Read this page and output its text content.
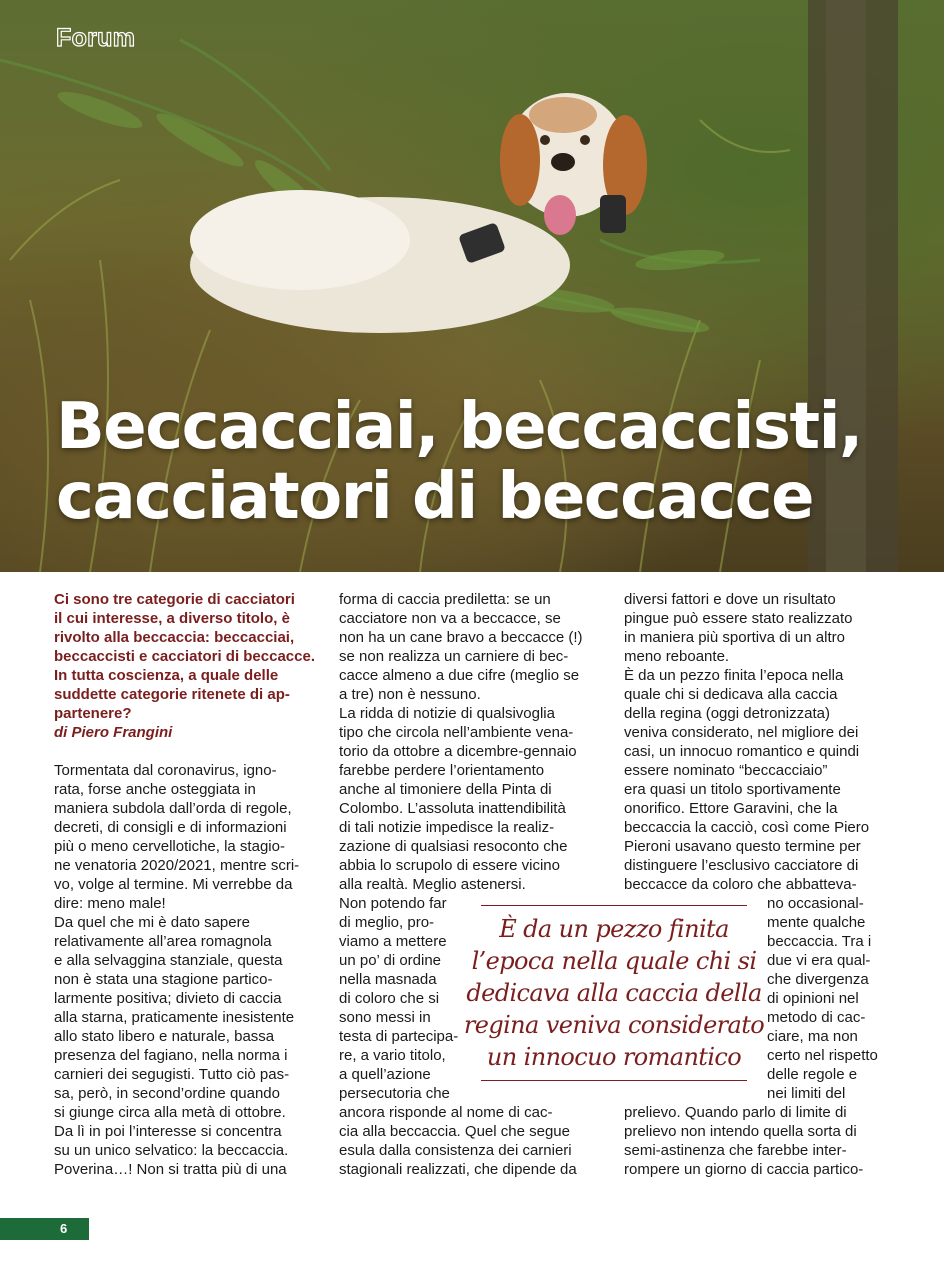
Forum
Beccacciai, beccaccisti,
cacciatori di beccacce

Ci sono tre categorie di cacciatori
il cui interesse, a diverso titolo, è
rivolto alla beccaccia: beccacciai,
beccaccisti e cacciatori di beccacce.
In tutta coscienza, a quale delle
suddette categorie ritenete di ap-
partenere?

di Piero Frangini

Tormentata dal coronavirus, igno-
rata, forse anche osteggiata in
maniera subdola dall’orda di regole,
decreti, di consigli e di informazioni
più o meno cervellotiche, la stagio-
ne venatoria 2020/2021, mentre scri-
vo, volge al termine. Mi verrebbe da
dire: meno male!
Da quel che mi è dato sapere
relativamente all’area romagnola
e alla selvaggina stanziale, questa
non è stata una stagione partico-
larmente positiva; divieto di caccia
alla starna, praticamente inesistente
allo stato libero e naturale, bassa
presenza del fagiano, nella norma i
carnieri dei segugisti. Tutto ciò pas-
sa, però, in second’ordine quando
si giunge circa alla metà di ottobre.
Da lì in poi l’interesse si concentra
su un unico selvatico: la beccaccia.
Poverina…! Non si tratta più di una

forma di caccia prediletta: se un
cacciatore non va a beccacce, se
non ha un cane bravo a beccacce (!)
se non realizza un carniere di bec-
cacce almeno a due cifre (meglio se
a tre) non è nessuno.
La ridda di notizie di qualsivoglia
tipo che circola nell’ambiente vena-
torio da ottobre a dicembre-gennaio
farebbe perdere l’orientamento
anche al timoniere della Pinta di
Colombo. L’assoluta inattendibilità
di tali notizie impedisce la realiz-
zazione di qualsiasi resoconto che
abbia lo scrupolo di essere vicino
alla realtà. Meglio astenersi.
Non potendo far
di meglio, pro-
viamo a mettere
un po’ di ordine
nella masnada
di coloro che si
sono messi in
testa di partecipa-
re, a vario titolo,
a quell’azione
persecutoria che
ancora risponde al nome di cac-
cia alla beccaccia. Quel che segue
esula dalla consistenza dei carnieri
stagionali realizzati, che dipende da

diversi fattori e dove un risultato
pingue può essere stato realizzato
in maniera più sportiva di un altro
meno reboante.
È da un pezzo finita l’epoca nella
quale chi si dedicava alla caccia
della regina (oggi detronizzata)
veniva considerato, nel migliore dei
casi, un innocuo romantico e quindi
essere nominato “beccacciaio”
era quasi un titolo sportivamente
onorifico. Ettore Garavini, che la
beccaccia la cacciò, così come Piero
Pieroni usavano questo termine per
distinguere l’esclusivo cacciatore di
beccacce da coloro che abbatteva-
no occasional-
mente qualche
beccaccia. Tra i
due vi era qual-
che divergenza
di opinioni nel
metodo di cac-
ciare, ma non
certo nel rispetto
delle regole e
nei limiti del
prelievo. Quando parlo di limite di
prelievo non intendo quella sorta di
semi-astinenza che farebbe inter-
rompere un giorno di caccia partico-

È da un pezzo finita
l’epoca nella quale chi si
dedicava alla caccia della
regina veniva considerato
un innocuo romantico
6
